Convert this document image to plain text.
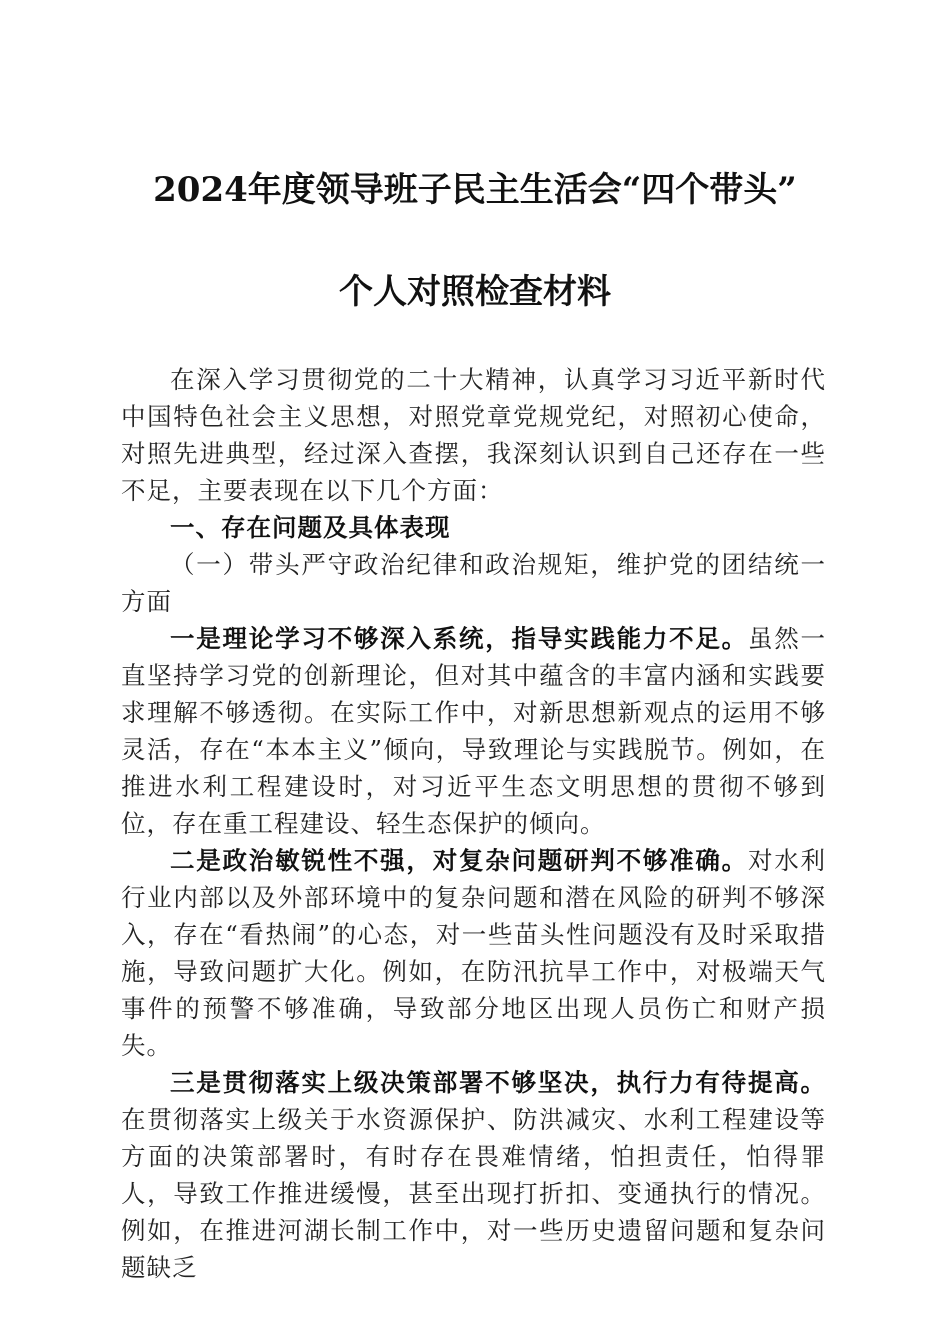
2024年度领导班子民主生活会“四个带头”
个人对照检查材料

在深入学习贯彻党的二十大精神，认真学习习近平新时代中国特色社会主义思想，对照党章党规党纪，对照初心使命，对照先进典型，经过深入查摆，我深刻认识到自己还存在一些不足，主要表现在以下几个方面：

一、存在问题及具体表现

（一）带头严守政治纪律和政治规矩，维护党的团结统一方面

一是理论学习不够深入系统，指导实践能力不足。虽然一直坚持学习党的创新理论，但对其中蕴含的丰富内涵和实践要求理解不够透彻。在实际工作中，对新思想新观点的运用不够灵活，存在“本本主义”倾向，导致理论与实践脱节。例如，在推进水利工程建设时，对习近平生态文明思想的贯彻不够到位，存在重工程建设、轻生态保护的倾向。

二是政治敏锐性不强，对复杂问题研判不够准确。对水利行业内部以及外部环境中的复杂问题和潜在风险的研判不够深入，存在“看热闹”的心态，对一些苗头性问题没有及时采取措施，导致问题扩大化。例如，在防汛抗旱工作中，对极端天气事件的预警不够准确，导致部分地区出现人员伤亡和财产损失。

三是贯彻落实上级决策部署不够坚决，执行力有待提高。在贯彻落实上级关于水资源保护、防洪减灾、水利工程建设等方面的决策部署时，有时存在畏难情绪，怕担责任，怕得罪人，导致工作推进缓慢，甚至出现打折扣、变通执行的情况。例如，在推进河湖长制工作中，对一些历史遗留问题和复杂问题缺乏
